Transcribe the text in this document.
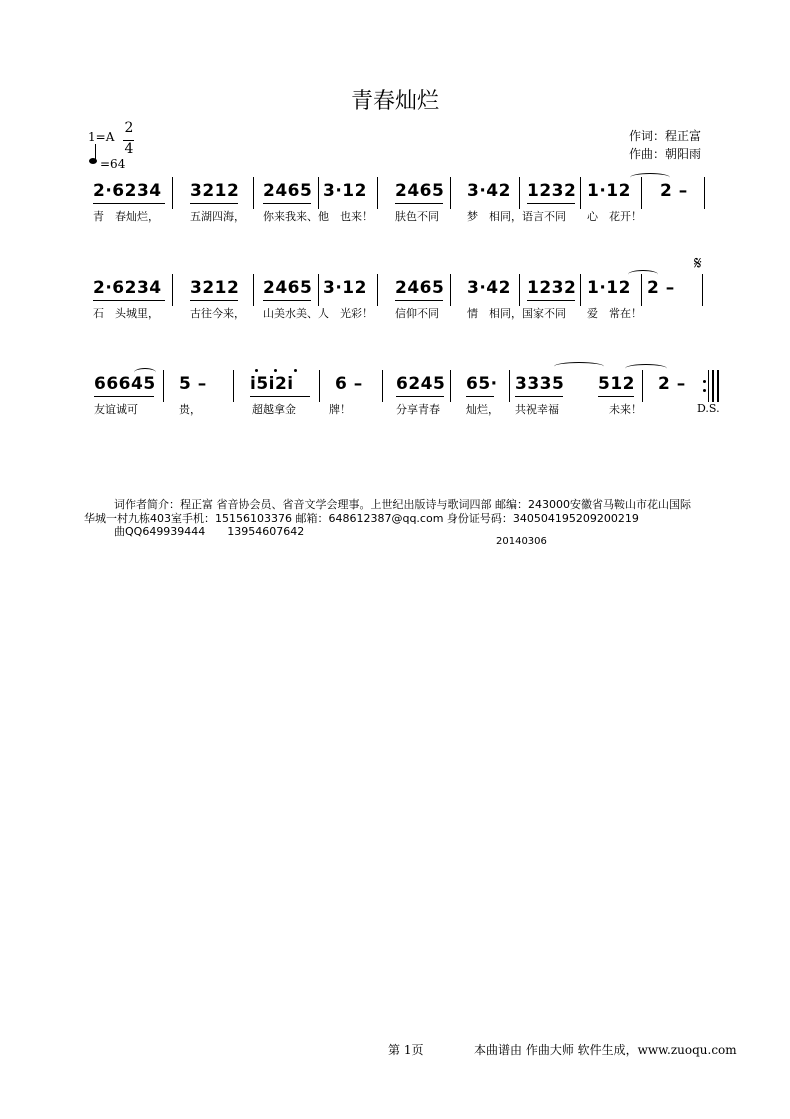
青春灿烂
1=A
2
4
=64
作词：程正富
作曲：朝阳雨
2·6234 3212 2465 3·12 2465 3·42 1232 1·12 2 –
青　春灿烂，	五湖四海， 你来我来、他　也来！ 肤色不同	梦　相同，语言不同 心　花开！
2·6234 3212 2465 3·12 2465 3·42 1232 1·12 2 –
𝄋
石　头城里，	古往今来， 山美水美、人　光彩！ 信仰不同	情　相同，国家不同 爱　常在！
66645 5 –	i5i2i 6 – 6245 65· 3335 512 2 –
友谊诚可	贵，	超越拿金	牌！	分享青春 灿烂， 共祝幸福	未来！	D.S.
词作者简介：程正富 省音协会员、省音文学会理事。上世纪出版诗与歌词四部 邮编：243000安徽省马鞍山市花山国际
华城一村九栋403室手机：15156103376 邮箱：648612387@qq.com 身份证号码：340504195209200219
曲QQ649939444　　13954607642
20140306
第 1页	本曲谱由 作曲大师 软件生成，www.zuoqu.com
